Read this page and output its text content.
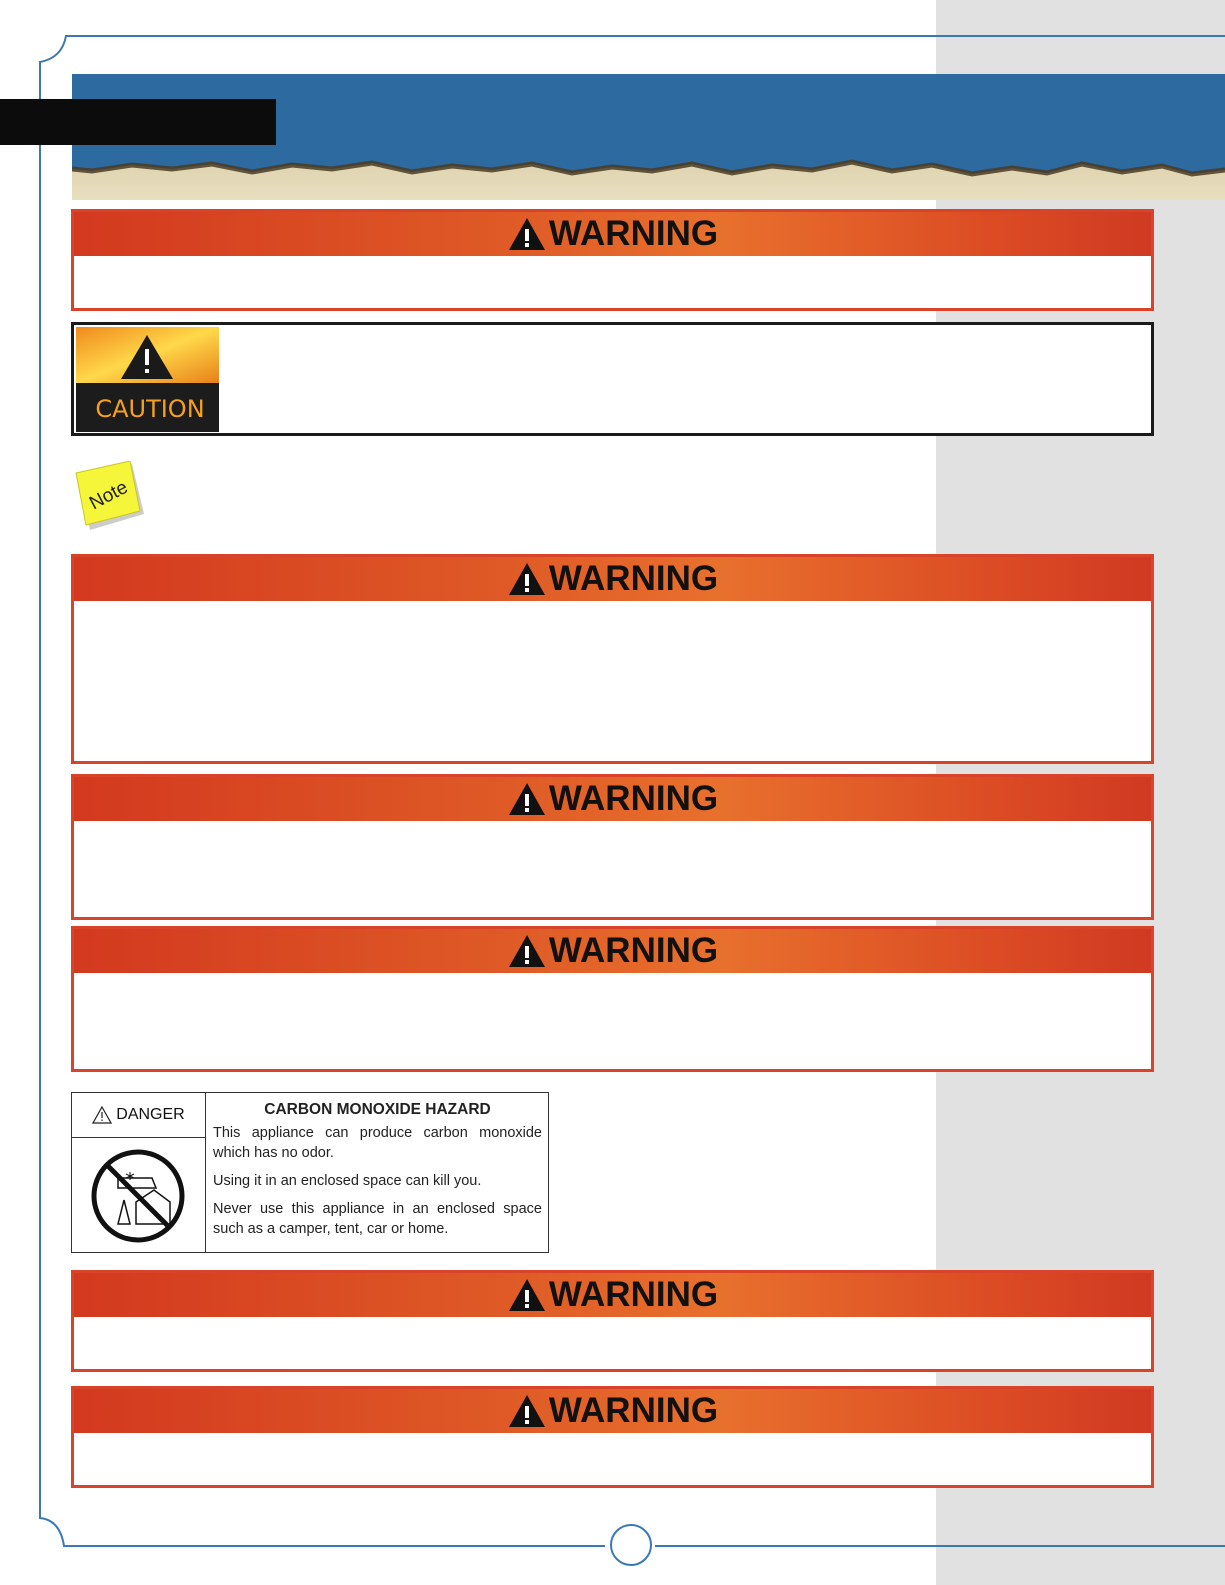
WARNING
CAUTION
Note
WARNING
WARNING
WARNING
DANGER	CARBON MONOXIDE HAZARD

This appliance can produce carbon monoxide which has no odor.

Using it in an enclosed space can kill you.

Never use this appliance in an enclosed space such as a camper, tent, car or home.

WARNING
WARNING
